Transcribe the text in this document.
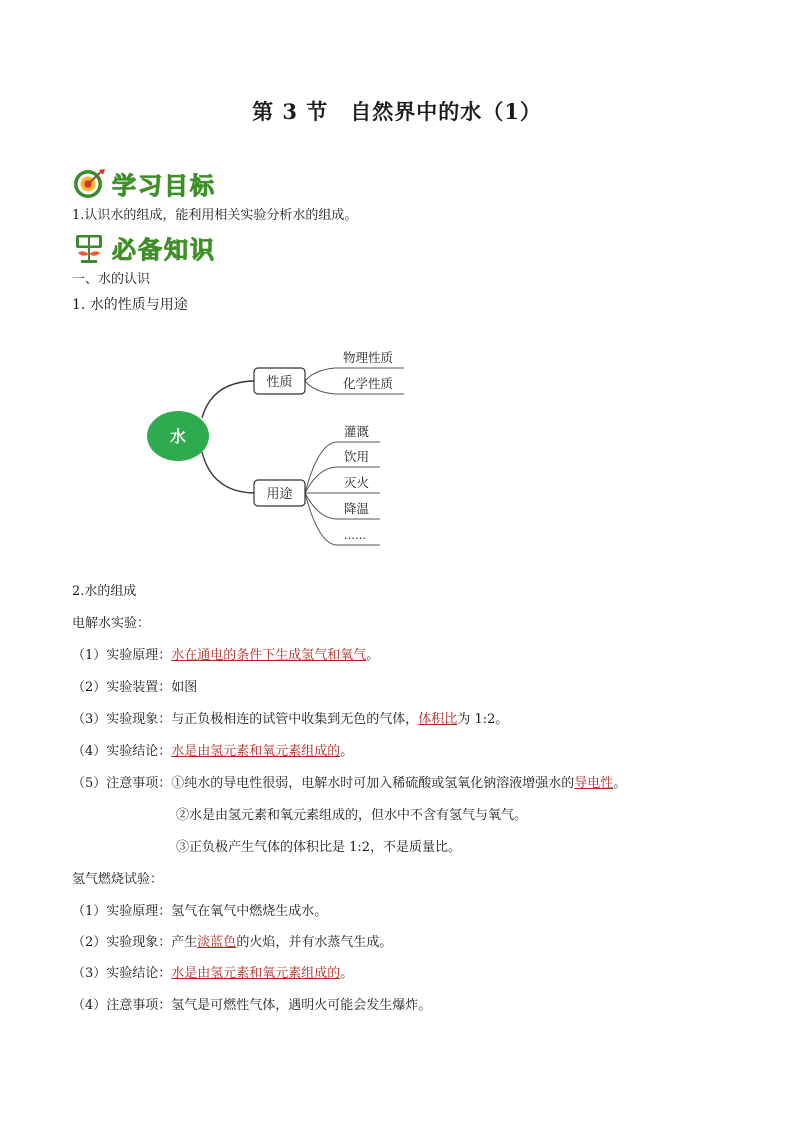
第 3 节　自然界中的水（1）
学习目标
1.认识水的组成，能利用相关实验分析水的组成。
必备知识
一、水的认识
1. 水的性质与用途
水
性质
用途
物理性质
化学性质
灌溉
饮用
灭火
降温
……
2.水的组成
电解水实验：
（1）实验原理：水在通电的条件下生成氢气和氧气。
（2）实验装置：如图
（3）实验现象：与正负极相连的试管中收集到无色的气体，体积比为 1:2。
（4）实验结论：水是由氢元素和氧元素组成的。
（5）注意事项：①纯水的导电性很弱，电解水时可加入稀硫酸或氢氧化钠溶液增强水的导电性。
②水是由氢元素和氧元素组成的，但水中不含有氢气与氧气。
③正负极产生气体的体积比是 1:2，不是质量比。
氢气燃烧试验：
（1）实验原理：氢气在氧气中燃烧生成水。
（2）实验现象：产生淡蓝色的火焰，并有水蒸气生成。
（3）实验结论：水是由氢元素和氧元素组成的。
（4）注意事项：氢气是可燃性气体，遇明火可能会发生爆炸。
